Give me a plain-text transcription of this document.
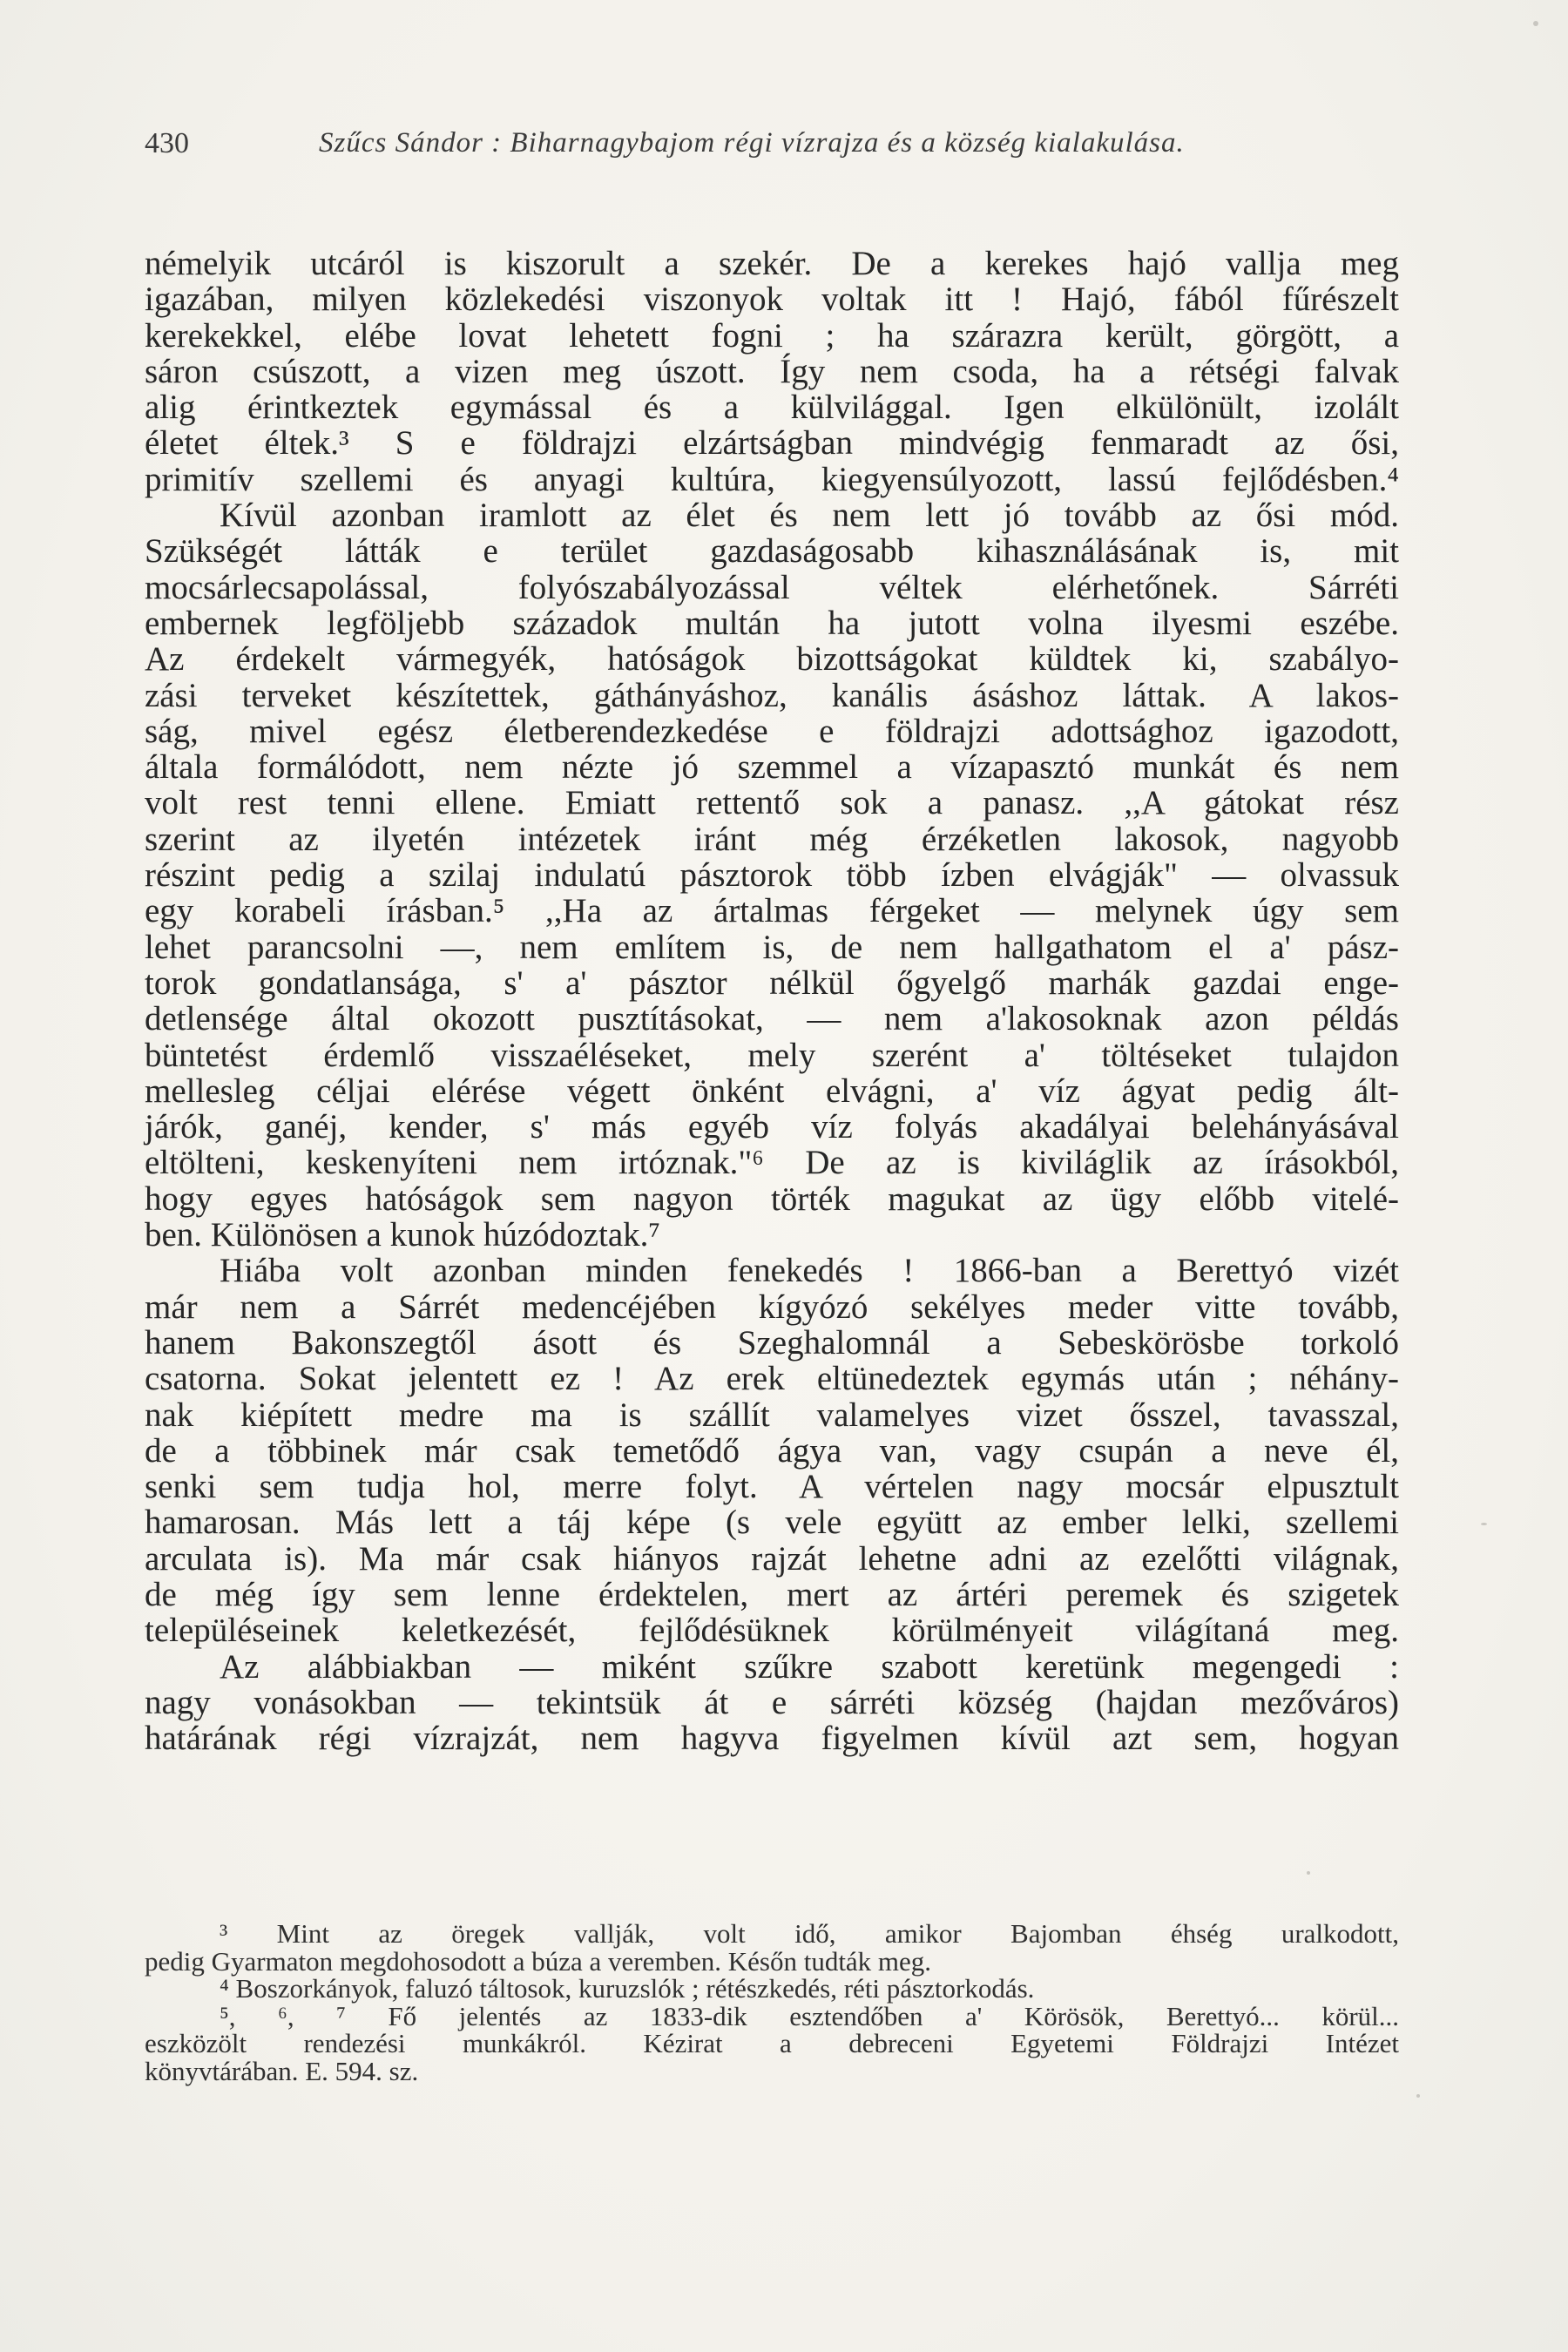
430	Szűcs Sándor : Biharnagybajom régi vízrajza és a község kialakulása.
némelyik utcáról is kiszorult a szekér. De a kerekes hajó vallja meg
igazában, milyen közlekedési viszonyok voltak itt ! Hajó, fából fűrészelt
kerekekkel, elébe lovat lehetett fogni ; ha szárazra került, görgött, a
sáron csúszott, a vizen meg úszott. Így nem csoda, ha a rétségi falvak
alig érintkeztek egymással és a külvilággal. Igen elkülönült, izolált
életet éltek.³ S e földrajzi elzártságban mindvégig fenmaradt az ősi,
primitív szellemi és anyagi kultúra, kiegyensúlyozott, lassú fejlődésben.⁴
Kívül azonban iramlott az élet és nem lett jó tovább az ősi mód.
Szükségét látták e terület gazdaságosabb kihasználásának is, mit
mocsárlecsapolással, folyószabályozással véltek elérhetőnek. Sárréti
embernek legföljebb századok multán ha jutott volna ilyesmi eszébe.
Az érdekelt vármegyék, hatóságok bizottságokat küldtek ki, szabályo-
zási terveket készítettek, gáthányáshoz, kanális ásáshoz láttak. A lakos-
ság, mivel egész életberendezkedése e földrajzi adottsághoz igazodott,
általa formálódott, nem nézte jó szemmel a vízapasztó munkát és nem
volt rest tenni ellene. Emiatt rettentő sok a panasz. ,,A gátokat rész
szerint az ilyetén intézetek iránt még érzéketlen lakosok, nagyobb
részint pedig a szilaj indulatú pásztorok több ízben elvágják" — olvassuk
egy korabeli írásban.⁵ ,,Ha az ártalmas férgeket — melynek úgy sem
lehet parancsolni —, nem említem is, de nem hallgathatom el a' pász-
torok gondatlansága, s' a' pásztor nélkül őgyelgő marhák gazdai enge-
detlensége által okozott pusztításokat, — nem a'lakosoknak azon példás
büntetést érdemlő visszaéléseket, mely szerént a' töltéseket tulajdon
mellesleg céljai elérése végett önként elvágni, a' víz ágyat pedig ált-
járók, ganéj, kender, s' más egyéb víz folyás akadályai belehányásával
eltölteni, keskenyíteni nem irtóznak."⁶ De az is kiviláglik az írásokból,
hogy egyes hatóságok sem nagyon törték magukat az ügy előbb vitelé-
ben. Különösen a kunok húzódoztak.⁷
Hiába volt azonban minden fenekedés ! 1866-ban a Berettyó vizét
már nem a Sárrét medencéjében kígyózó sekélyes meder vitte tovább,
hanem Bakonszegtől ásott és Szeghalomnál a Sebeskörösbe torkoló
csatorna. Sokat jelentett ez ! Az erek eltünedeztek egymás után ; néhány-
nak kiépített medre ma is szállít valamelyes vizet ősszel, tavasszal,
de a többinek már csak temetődő ágya van, vagy csupán a neve él,
senki sem tudja hol, merre folyt. A vértelen nagy mocsár elpusztult
hamarosan. Más lett a táj képe (s vele együtt az ember lelki, szellemi
arculata is). Ma már csak hiányos rajzát lehetne adni az ezelőtti világnak,
de még így sem lenne érdektelen, mert az ártéri peremek és szigetek
településeinek keletkezését, fejlődésüknek körülményeit világítaná meg.
Az alábbiakban — miként szűkre szabott keretünk megengedi :
nagy vonásokban — tekintsük át e sárréti község (hajdan mezőváros)
határának régi vízrajzát, nem hagyva figyelmen kívül azt sem, hogyan
³ Mint az öregek vallják, volt idő, amikor Bajomban éhség uralkodott,
pedig Gyarmaton megdohosodott a búza a veremben. Későn tudták meg.
⁴ Boszorkányok, faluzó táltosok, kuruzslók ; rétészkedés, réti pásztorkodás.
⁵, ⁶, ⁷ Fő jelentés az 1833-dik esztendőben a' Körösök, Berettyó... körül...
eszközölt rendezési munkákról. Kézirat a debreceni Egyetemi Földrajzi Intézet
könyvtárában. E. 594. sz.
